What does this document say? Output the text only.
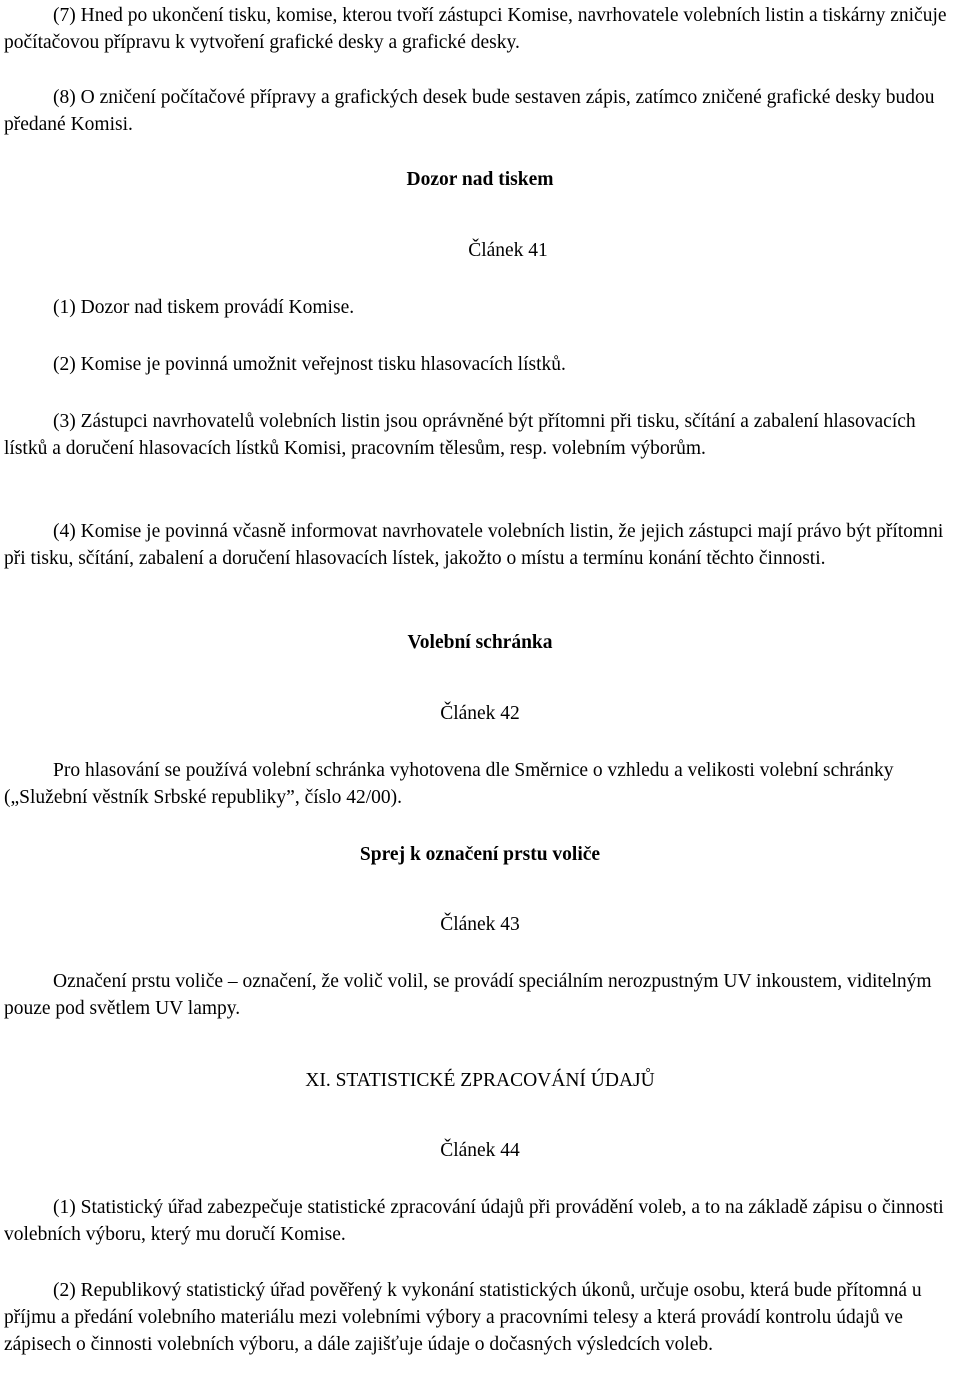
(7) Hned po ukončení tisku, komise, kterou tvoří zástupci Komise, navrhovatele volebních listin a tiskárny zničuje počítačovou přípravu k vytvoření grafické desky a grafické desky.

(8) O zničení počítačové přípravy a grafických desek bude sestaven zápis, zatímco zničené grafické desky budou předané Komisi.

Dozor nad tiskem
Článek 41

(1) Dozor nad tiskem provádí Komise.

(2) Komise je povinná umožnit veřejnost tisku hlasovacích lístků.

(3) Zástupci navrhovatelů volebních listin jsou oprávněné být přítomni při tisku, sčítání a zabalení hlasovacích lístků a doručení hlasovacích lístků Komisi, pracovním tělesům, resp. volebním výborům.

(4) Komise je povinná včasně informovat navrhovatele volebních listin, že jejich zástupci mají právo být přítomni při tisku, sčítání, zabalení a doručení hlasovacích lístek, jakožto o místu a termínu konání těchto činnosti.

Volební schránka
Článek 42

Pro hlasování se používá volební schránka vyhotovena dle Směrnice o vzhledu a velikosti volební schránky („Služební věstník Srbské republiky”, číslo 42/00).

Sprej k označení prstu voliče
Článek 43

Označení prstu voliče – označení, že volič volil, se provádí speciálním nerozpustným UV inkoustem, viditelným pouze pod světlem UV lampy.

XI. STATISTICKÉ ZPRACOVÁNÍ ÚDAJŮ
Článek 44

(1) Statistický úřad zabezpečuje statistické zpracování údajů při provádění voleb, a to na základě zápisu o činnosti volebních výboru, který mu doručí Komise.

(2) Republikový statistický úřad pověřený k vykonání statistických úkonů, určuje osobu, která bude přítomná u příjmu a předání volebního materiálu mezi volebními výbory a pracovními telesy a která provádí kontrolu údajů ve zápisech o činnosti volebních výboru, a dále zajišťuje údaje o dočasných výsledcích voleb.
